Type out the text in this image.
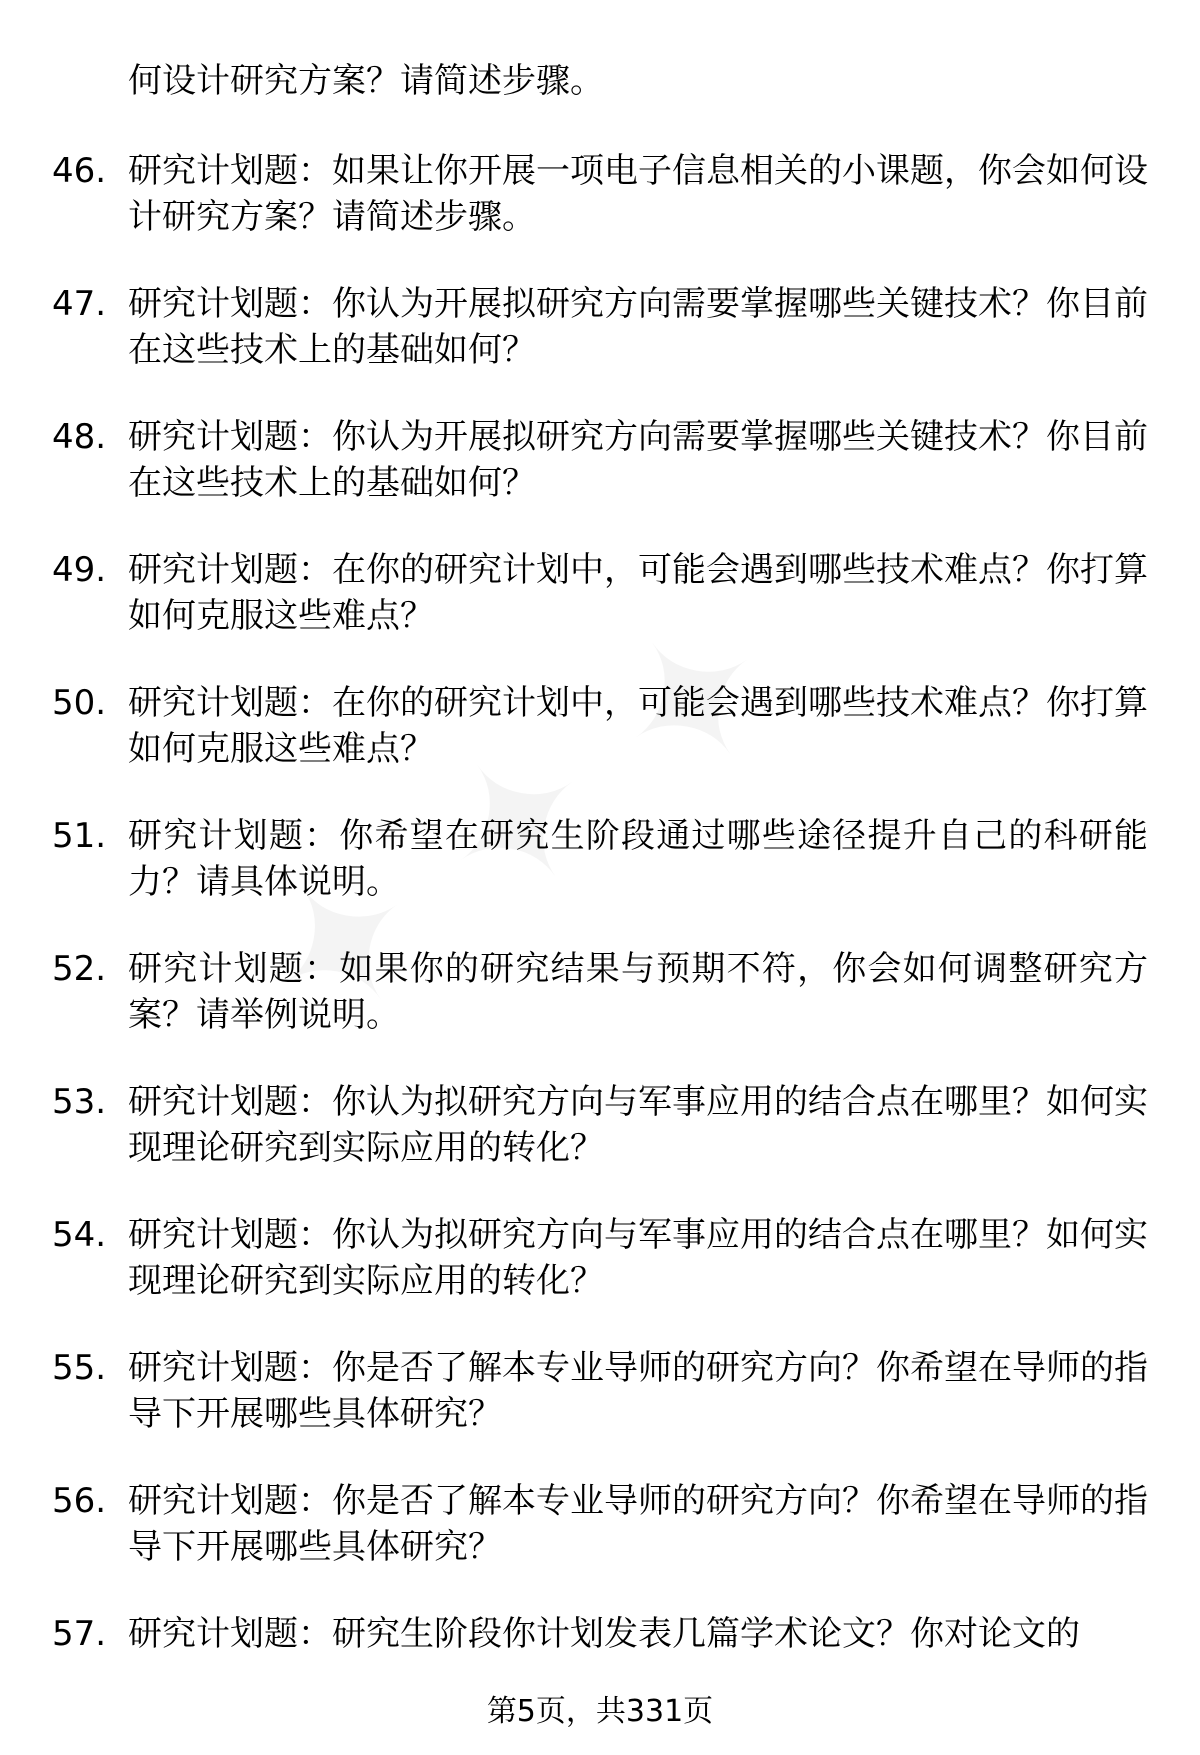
何设计研究方案？请简述步骤。
46. 研究计划题：如果让你开展一项电子信息相关的小课题，你会如何设计研究方案？请简述步骤。
47. 研究计划题：你认为开展拟研究方向需要掌握哪些关键技术？你目前在这些技术上的基础如何？
48. 研究计划题：你认为开展拟研究方向需要掌握哪些关键技术？你目前在这些技术上的基础如何？
49. 研究计划题：在你的研究计划中，可能会遇到哪些技术难点？你打算如何克服这些难点？
50. 研究计划题：在你的研究计划中，可能会遇到哪些技术难点？你打算如何克服这些难点？
51. 研究计划题：你希望在研究生阶段通过哪些途径提升自己的科研能力？请具体说明。
52. 研究计划题：如果你的研究结果与预期不符，你会如何调整研究方案？请举例说明。
53. 研究计划题：你认为拟研究方向与军事应用的结合点在哪里？如何实现理论研究到实际应用的转化？
54. 研究计划题：你认为拟研究方向与军事应用的结合点在哪里？如何实现理论研究到实际应用的转化？
55. 研究计划题：你是否了解本专业导师的研究方向？你希望在导师的指导下开展哪些具体研究？
56. 研究计划题：你是否了解本专业导师的研究方向？你希望在导师的指导下开展哪些具体研究？
57. 研究计划题：研究生阶段你计划发表几篇学术论文？你对论文的
第5页，共331页
